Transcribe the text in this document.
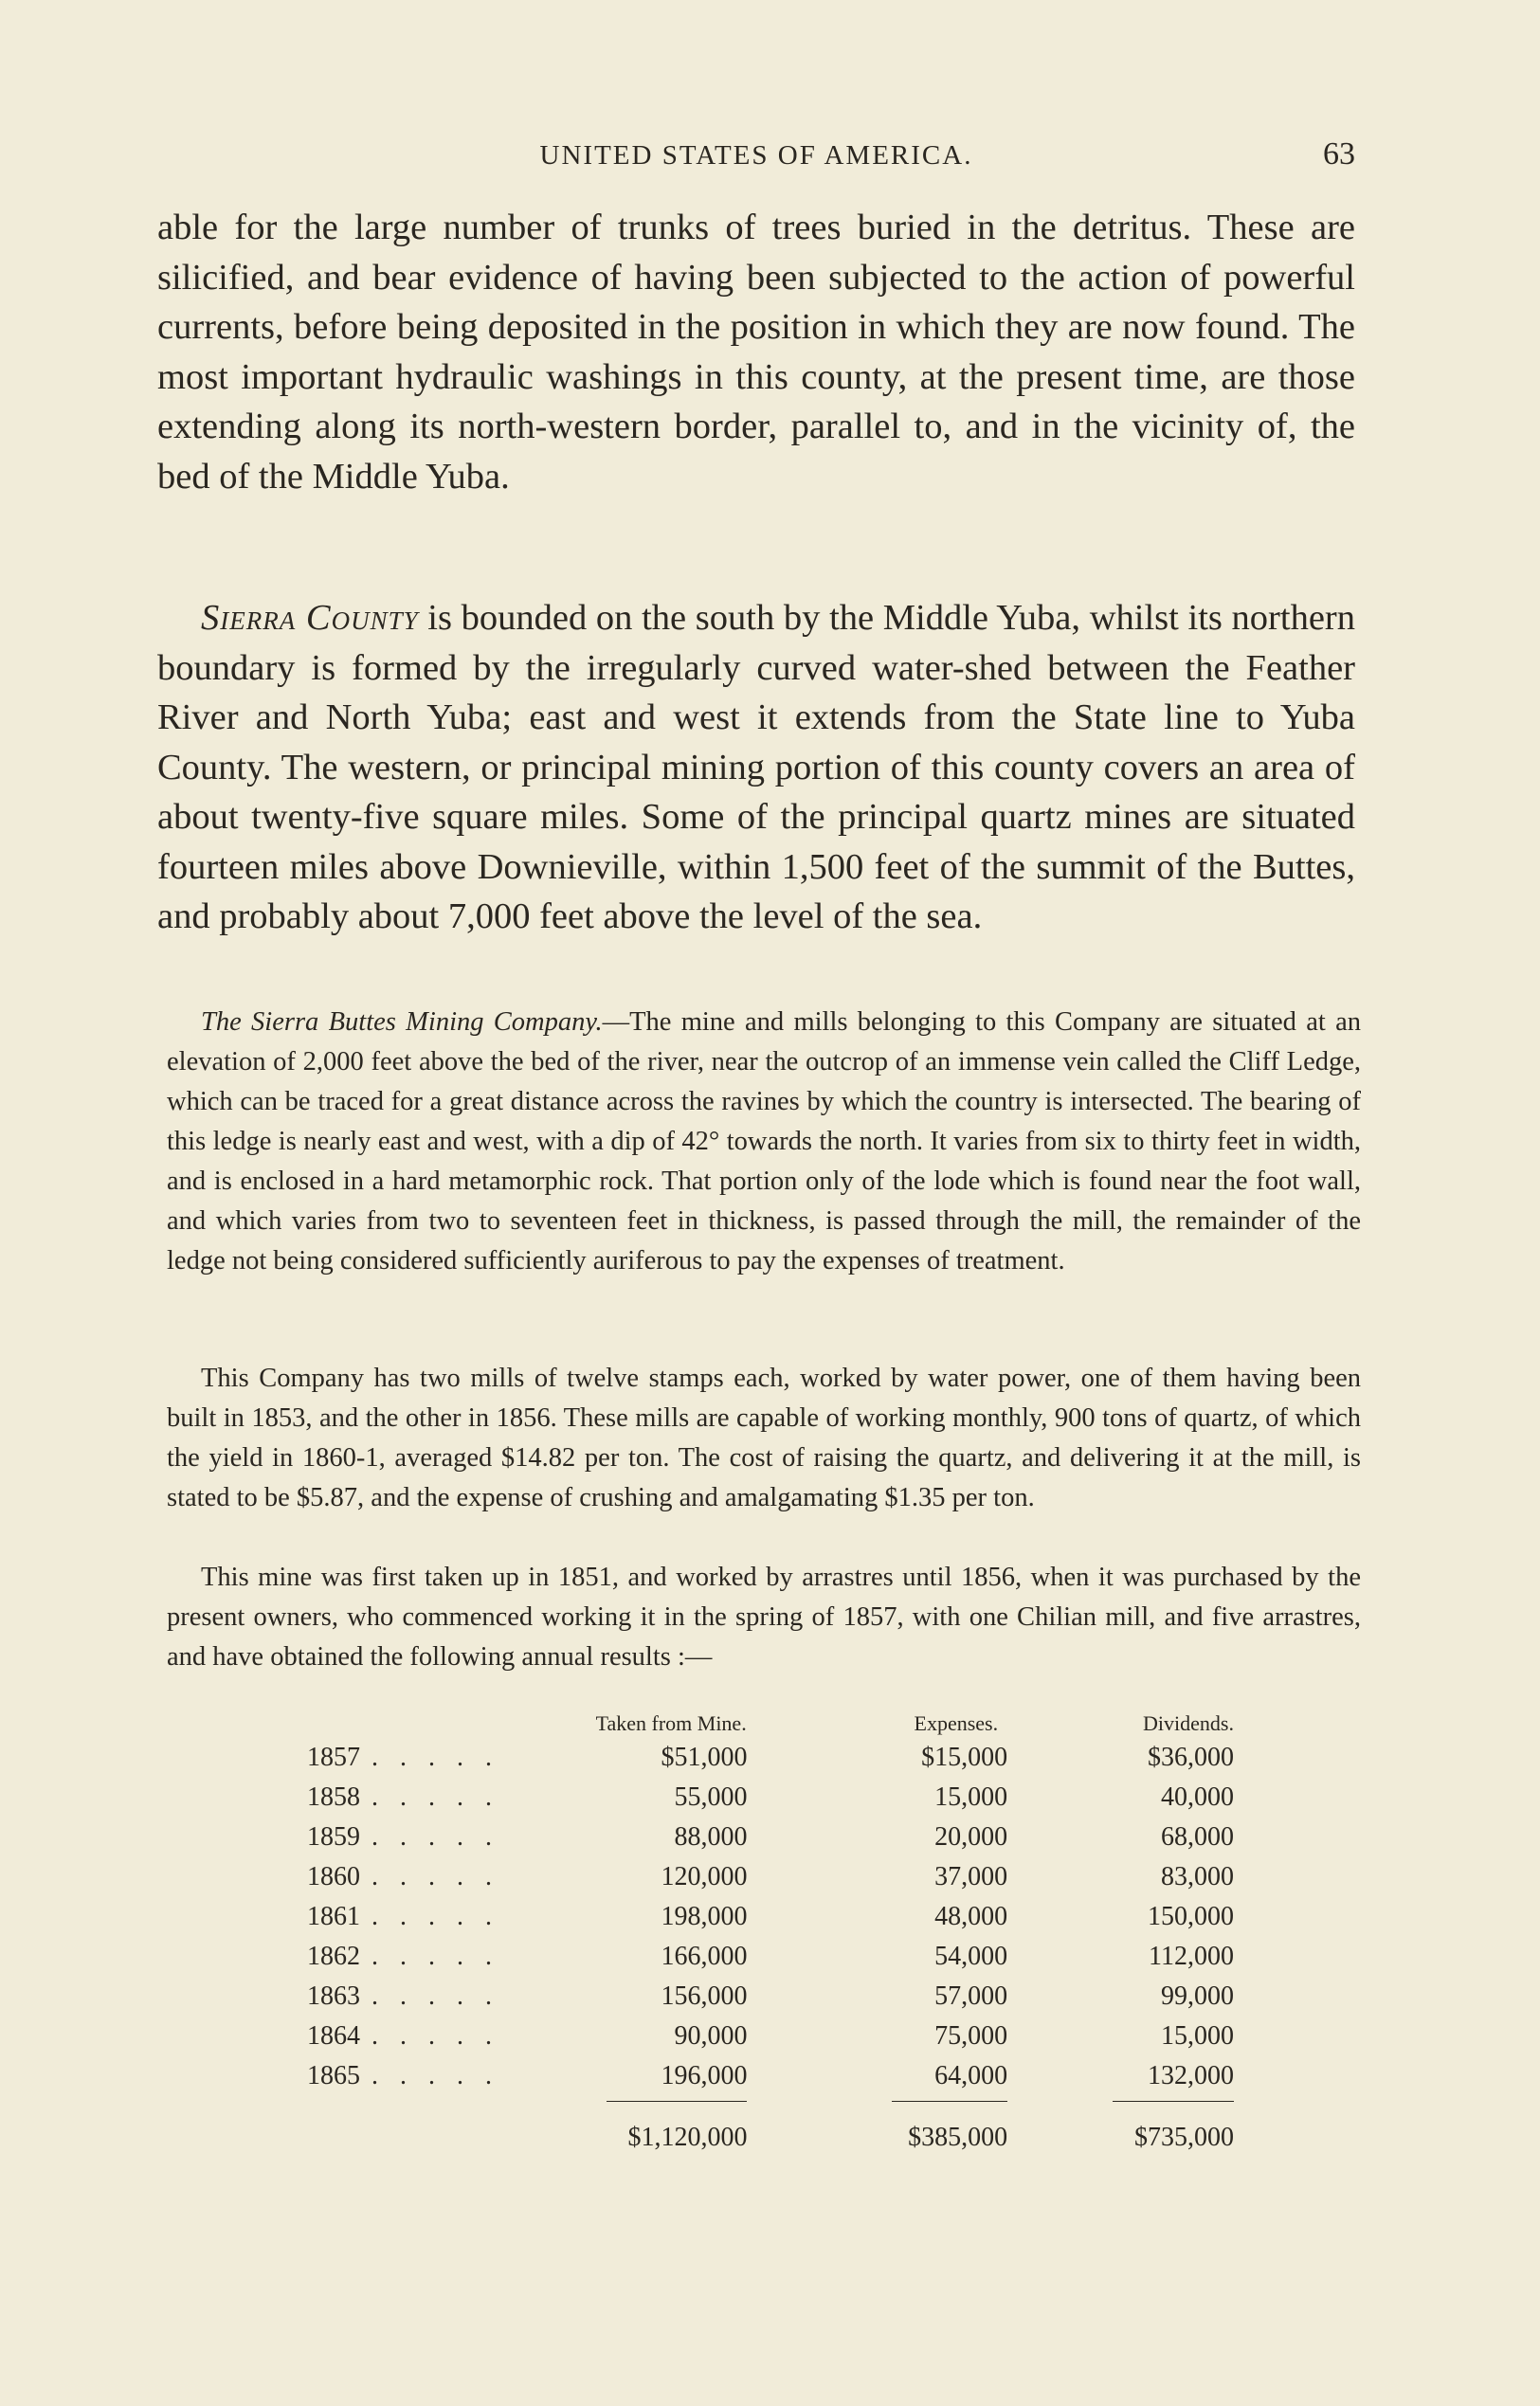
UNITED STATES OF AMERICA.	63
able for the large number of trunks of trees buried in the detritus. These are silicified, and bear evidence of having been subjected to the action of powerful currents, before being deposited in the position in which they are now found. The most important hydraulic washings in this county, at the present time, are those extending along its north-western border, parallel to, and in the vicinity of, the bed of the Middle Yuba.
Sierra County is bounded on the south by the Middle Yuba, whilst its northern boundary is formed by the irregularly curved water-shed between the Feather River and North Yuba; east and west it extends from the State line to Yuba County. The western, or principal mining portion of this county covers an area of about twenty-five square miles. Some of the principal quartz mines are situated fourteen miles above Downieville, within 1,500 feet of the summit of the Buttes, and probably about 7,000 feet above the level of the sea.
The Sierra Buttes Mining Company.—The mine and mills belonging to this Company are situated at an elevation of 2,000 feet above the bed of the river, near the outcrop of an immense vein called the Cliff Ledge, which can be traced for a great distance across the ravines by which the country is intersected. The bearing of this ledge is nearly east and west, with a dip of 42° towards the north. It varies from six to thirty feet in width, and is enclosed in a hard metamorphic rock. That portion only of the lode which is found near the foot wall, and which varies from two to seventeen feet in thickness, is passed through the mill, the remainder of the ledge not being considered sufficiently auriferous to pay the expenses of treatment.
This Company has two mills of twelve stamps each, worked by water power, one of them having been built in 1853, and the other in 1856. These mills are capable of working monthly, 900 tons of quartz, of which the yield in 1860-1, averaged $14.82 per ton. The cost of raising the quartz, and delivering it at the mill, is stated to be $5.87, and the expense of crushing and amalgamating $1.35 per ton.
This mine was first taken up in 1851, and worked by arrastres until 1856, when it was purchased by the present owners, who commenced working it in the spring of 1857, with one Chilian mill, and five arrastres, and have obtained the following annual results :—
	Taken from Mine.	Expenses.	Dividends.
1857 . . . . .	$51,000	$15,000	$36,000
1858 . . . . .	55,000	15,000	40,000
1859 . . . . .	88,000	20,000	68,000
1860 . . . . .	120,000	37,000	83,000
1861 . . . . .	198,000	48,000	150,000
1862 . . . . .	166,000	54,000	112,000
1863 . . . . .	156,000	57,000	99,000
1864 . . . . .	90,000	75,000	15,000
1865 . . . . .	196,000	64,000	132,000

	$1,120,000	$385,000	$735,000
